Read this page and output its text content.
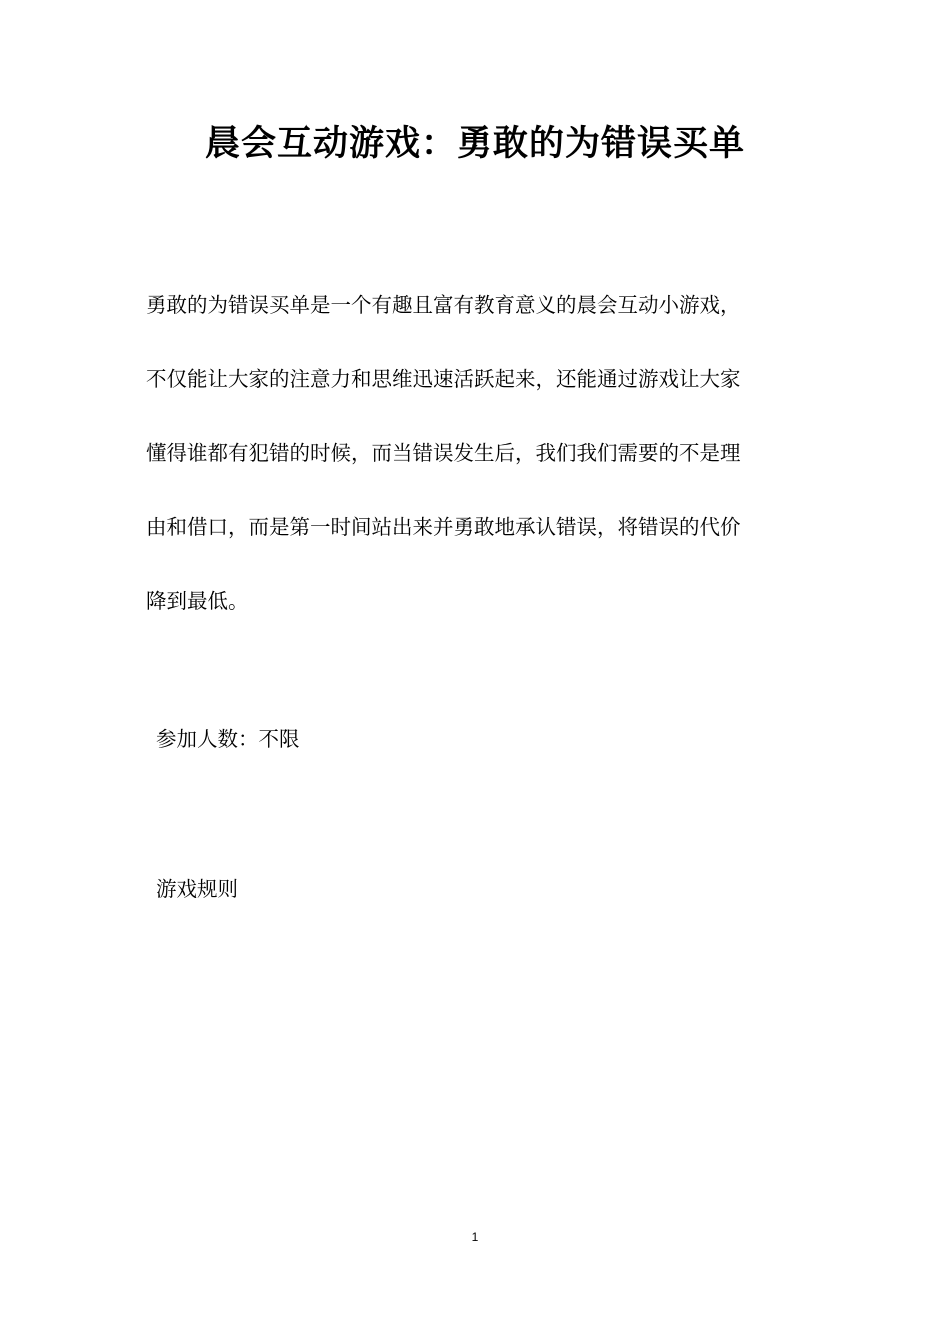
晨会互动游戏：勇敢的为错误买单
勇敢的为错误买单是一个有趣且富有教育意义的晨会互动小游戏，
不仅能让大家的注意力和思维迅速活跃起来，还能通过游戏让大家
懂得谁都有犯错的时候，而当错误发生后，我们我们需要的不是理
由和借口，而是第一时间站出来并勇敢地承认错误，将错误的代价
降到最低。
参加人数：不限
游戏规则
1
